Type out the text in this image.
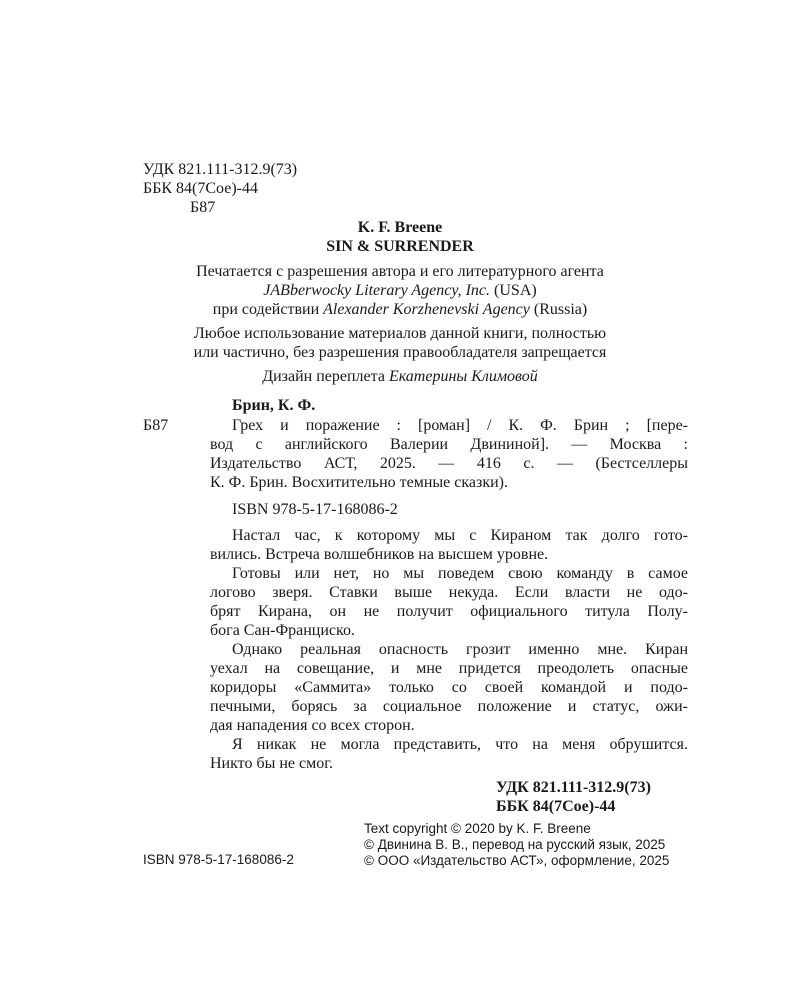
УДК 821.111-312.9(73)
ББК 84(7Сое)-44
Б87
K. F. Breene
SIN & SURRENDER
Печатается с разрешения автора и его литературного агента
JABberwocky Literary Agency, Inc. (USA)
при содействии Alexander Korzhenevski Agency (Russia)
Любое использование материалов данной книги, полностью
или частично, без разрешения правообладателя запрещается
Дизайн переплета Екатерины Климовой
Брин, К. Ф.
Б87	Грех и поражение : [роман] / К. Ф. Брин ; [пере-
вод с английского Валерии Двининой]. — Москва :
Издательство АСТ, 2025. — 416 с. — (Бестселлеры
К. Ф. Брин. Восхитительно темные сказки).
ISBN 978-5-17-168086-2
Настал час, к которому мы с Кираном так долго гото-
вились. Встреча волшебников на высшем уровне.
Готовы или нет, но мы поведем свою команду в самое
логово зверя. Ставки выше некуда. Если власти не одо-
брят Кирана, он не получит официального титула Полу-
бога Сан-Франциско.
Однако реальная опасность грозит именно мне. Киран
уехал на совещание, и мне придется преодолеть опасные
коридоры «Саммита» только со своей командой и подо-
печными, борясь за социальное положение и статус, ожи-
дая нападения со всех сторон.
Я никак не могла представить, что на меня обрушится.
Никто бы не смог.
УДК 821.111-312.9(73)
ББК 84(7Сое)-44
ISBN 978-5-17-168086-2
Text copyright © 2020 by K. F. Breene
© Двинина В. В., перевод на русский язык, 2025
© ООО «Издательство АСТ», оформление, 2025
